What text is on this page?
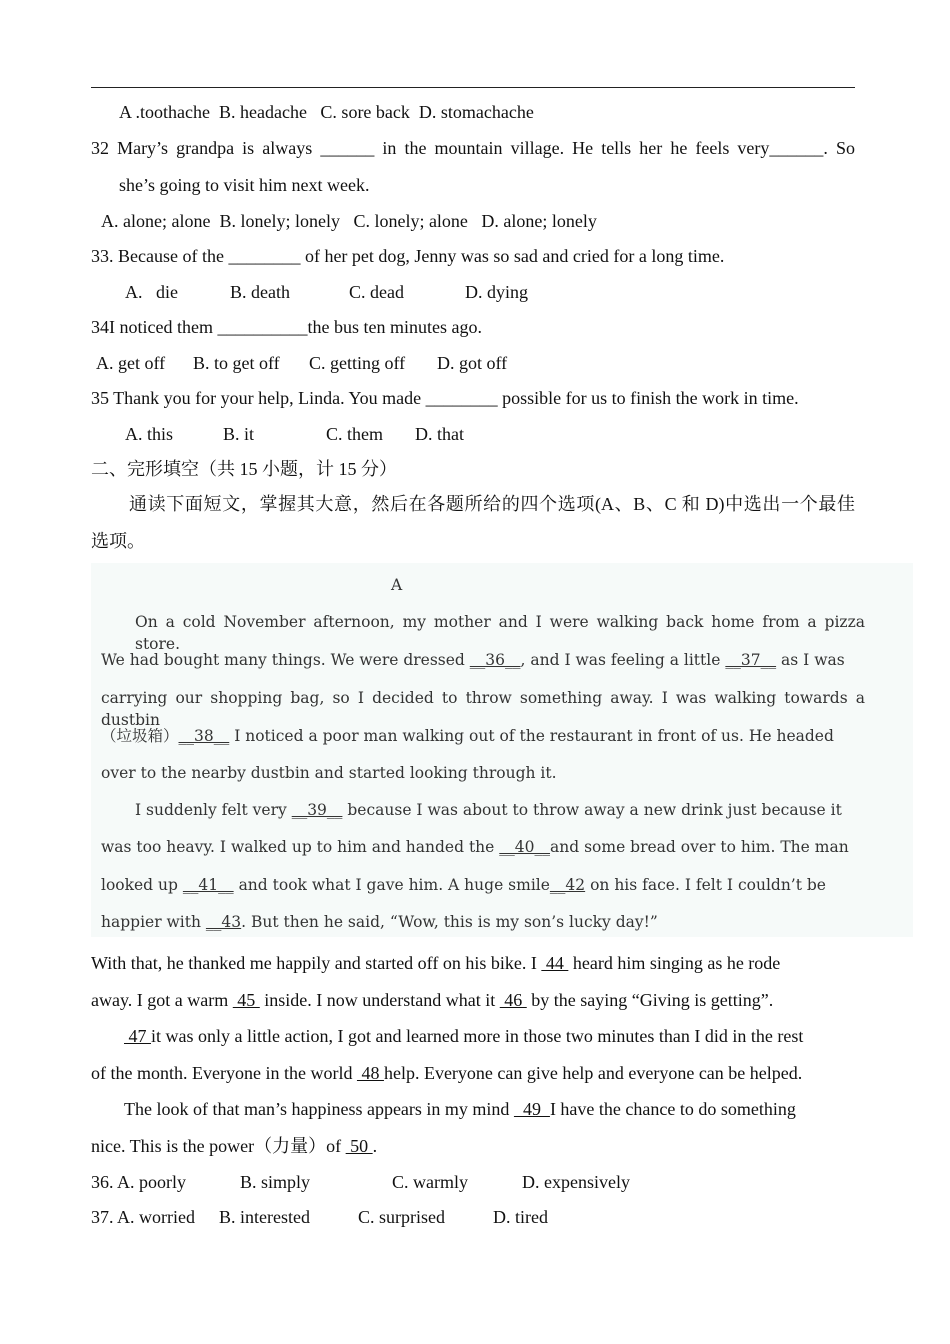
A .toothache  B. headache   C. sore back  D. stomachache
32 Mary’s grandpa is always ______ in the mountain village. He tells her he feels very______. So
she’s going to visit him next week.
A. alone; alone  B. lonely; lonely   C. lonely; alone   D. alone; lonely
33. Because of the ________ of her pet dog, Jenny was so sad and cried for a long time.
A.   die	B. death	C. dead	D. dying
34I noticed them __________the bus ten minutes ago.
A. get off B. to get off C. getting off D. got off
35 Thank you for your help, Linda. You made ________ possible for us to finish the work in time.
A. this	B. it	C. them D. that
二、完形填空（共 15 小题，计 15 分）
通读下面短文，掌握其大意，然后在各题所给的四个选项(A、B、C 和 D)中选出一个最佳
选项。
A
On a cold November afternoon, my mother and I were walking back home from a pizza store.
We had bought many things. We were dressed __36__, and I was feeling a little __37__ as I was
carrying our shopping bag, so I decided to throw something away. I was walking towards a dustbin
（垃圾箱）__38__ I noticed a poor man walking out of the restaurant in front of us. He headed
over to the nearby dustbin and started looking through it.
I suddenly felt very __39__ because I was about to throw away a new drink just because it
was too heavy. I walked up to him and handed the __40__and some bread over to him. The man
looked up __41__ and took what I gave him. A huge smile__42 on his face. I felt I couldn’t be
happier with __43. But then he said, “Wow, this is my son’s lucky day!”
With that, he thanked me happily and started off on his bike. I  44  heard him singing as he rode
away. I got a warm  45  inside. I now understand what it  46  by the saying “Giving is getting”.
47 it was only a little action, I got and learned more in those two minutes than I did in the rest
of the month. Everyone in the world  48 help. Everyone can give help and everyone can be helped.
The look of that man’s happiness appears in my mind   49  I have the chance to do something
nice. This is the power（力量）of  50 .
36. A. poorly	B. simply	C. warmly	D. expensively
37. A. worried B. interested	C. surprised	D. tired
